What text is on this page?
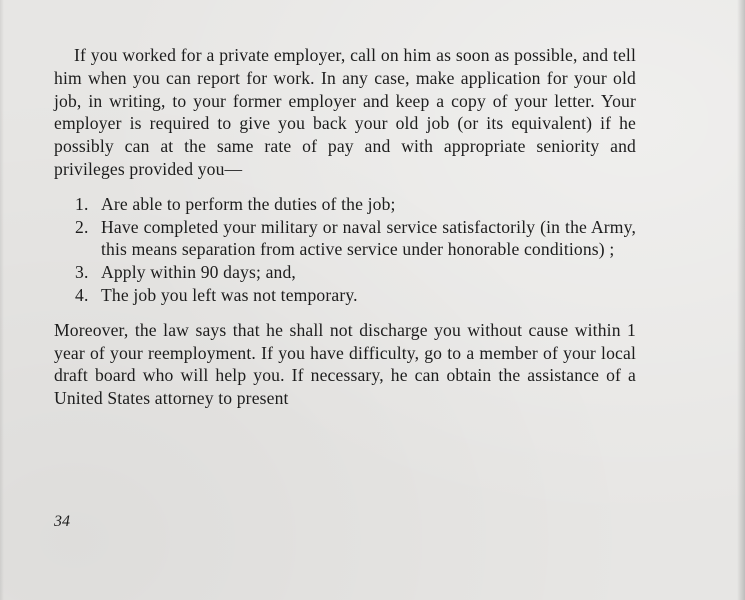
If you worked for a private employer, call on him as soon as possible, and tell him when you can report for work. In any case, make application for your old job, in writing, to your former employer and keep a copy of your letter. Your employer is required to give you back your old job (or its equivalent) if he possibly can at the same rate of pay and with appropriate seniority and privileges provided you—

1. Are able to perform the duties of the job;
2. Have completed your military or naval service satisfactorily (in the Army, this means separation from active service under honorable conditions) ;
3. Apply within 90 days; and,
4. The job you left was not temporary.

Moreover, the law says that he shall not discharge you without cause within 1 year of your reemployment. If you have difficulty, go to a member of your local draft board who will help you. If necessary, he can obtain the assistance of a United States attorney to present

34
